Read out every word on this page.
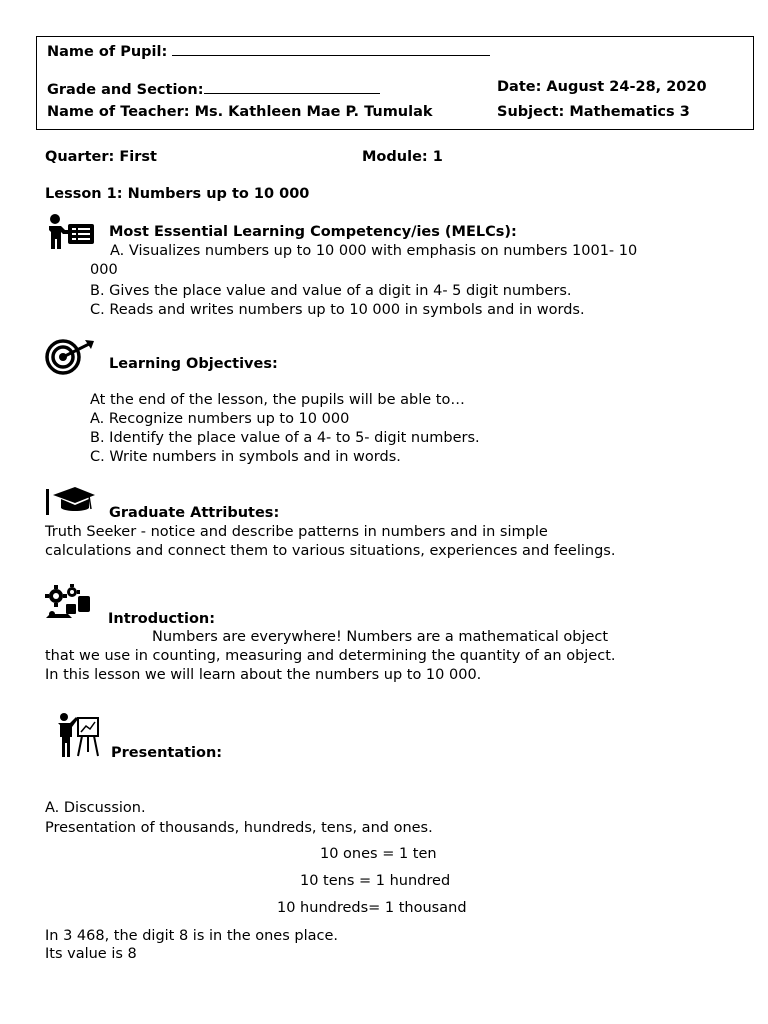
Name of Pupil:
Grade and Section:	Date: August 24-28, 2020
Name of Teacher: Ms. Kathleen Mae P. Tumulak	Subject: Mathematics 3
Quarter: First	Module: 1
Lesson 1: Numbers up to 10 000
Most Essential Learning Competency/ies (MELCs):
A. Visualizes numbers up to 10 000 with emphasis on numbers 1001- 10
000
B. Gives the place value and value of a digit in 4- 5 digit numbers.
C. Reads and writes numbers up to 10 000 in symbols and in words.
Learning Objectives:
At the end of the lesson, the pupils will be able to…
A. Recognize numbers up to 10 000
B. Identify the place value of a 4- to 5- digit numbers.
C. Write numbers in symbols and in words.
Graduate Attributes:
Truth Seeker - notice and describe patterns in numbers and in simple
calculations and connect them to various situations, experiences and feelings.
Introduction:
Numbers are everywhere! Numbers are a mathematical object
that we use in counting, measuring and determining the quantity of an object.
In this lesson we will learn about the numbers up to 10 000.
Presentation:
A. Discussion.
Presentation of thousands, hundreds, tens, and ones.
10 ones = 1 ten
10 tens = 1 hundred
10 hundreds= 1 thousand
In 3 468, the digit 8 is in the ones place.
Its value is 8
